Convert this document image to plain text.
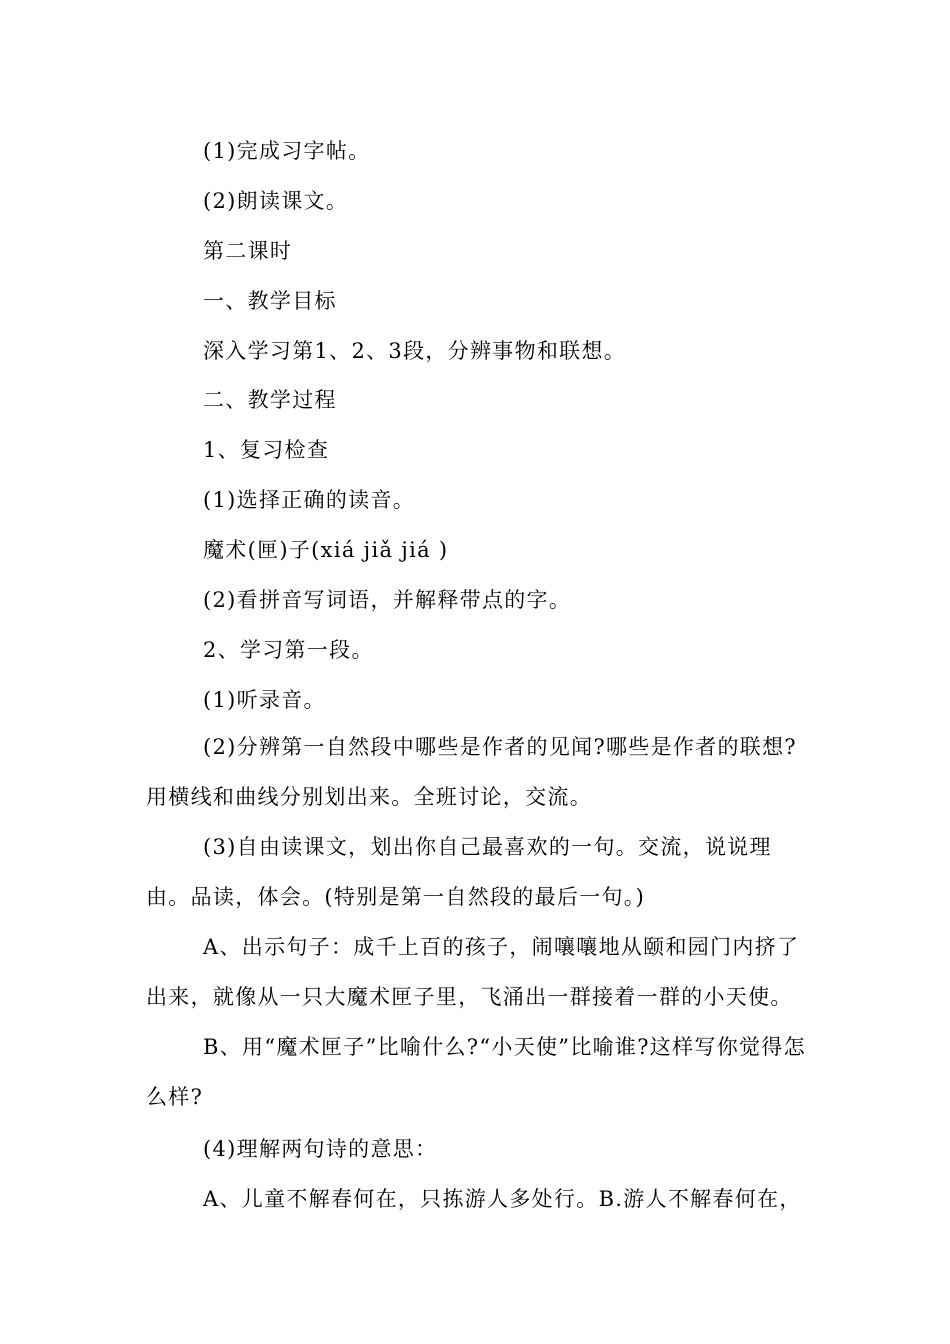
(1)完成习字帖。
(2)朗读课文。
第二课时
一、教学目标
深入学习第1、2、3段，分辨事物和联想。
二、教学过程
1、复习检查
(1)选择正确的读音。
魔术(匣)子(xiá jiǎ jiá )
(2)看拼音写词语，并解释带点的字。
2、学习第一段。
(1)听录音。
(2)分辨第一自然段中哪些是作者的见闻?哪些是作者的联想?用横线和曲线分别划出来。全班讨论，交流。
(3)自由读课文，划出你自己最喜欢的一句。交流，说说理由。品读，体会。(特别是第一自然段的最后一句。)
A、出示句子：成千上百的孩子，闹嚷嚷地从颐和园门内挤了出来，就像从一只大魔术匣子里，飞涌出一群接着一群的小天使。
B、用“魔术匣子”比喻什么?“小天使”比喻谁?这样写你觉得怎么样?
(4)理解两句诗的意思：
A、儿童不解春何在，只拣游人多处行。B.游人不解春何在，
